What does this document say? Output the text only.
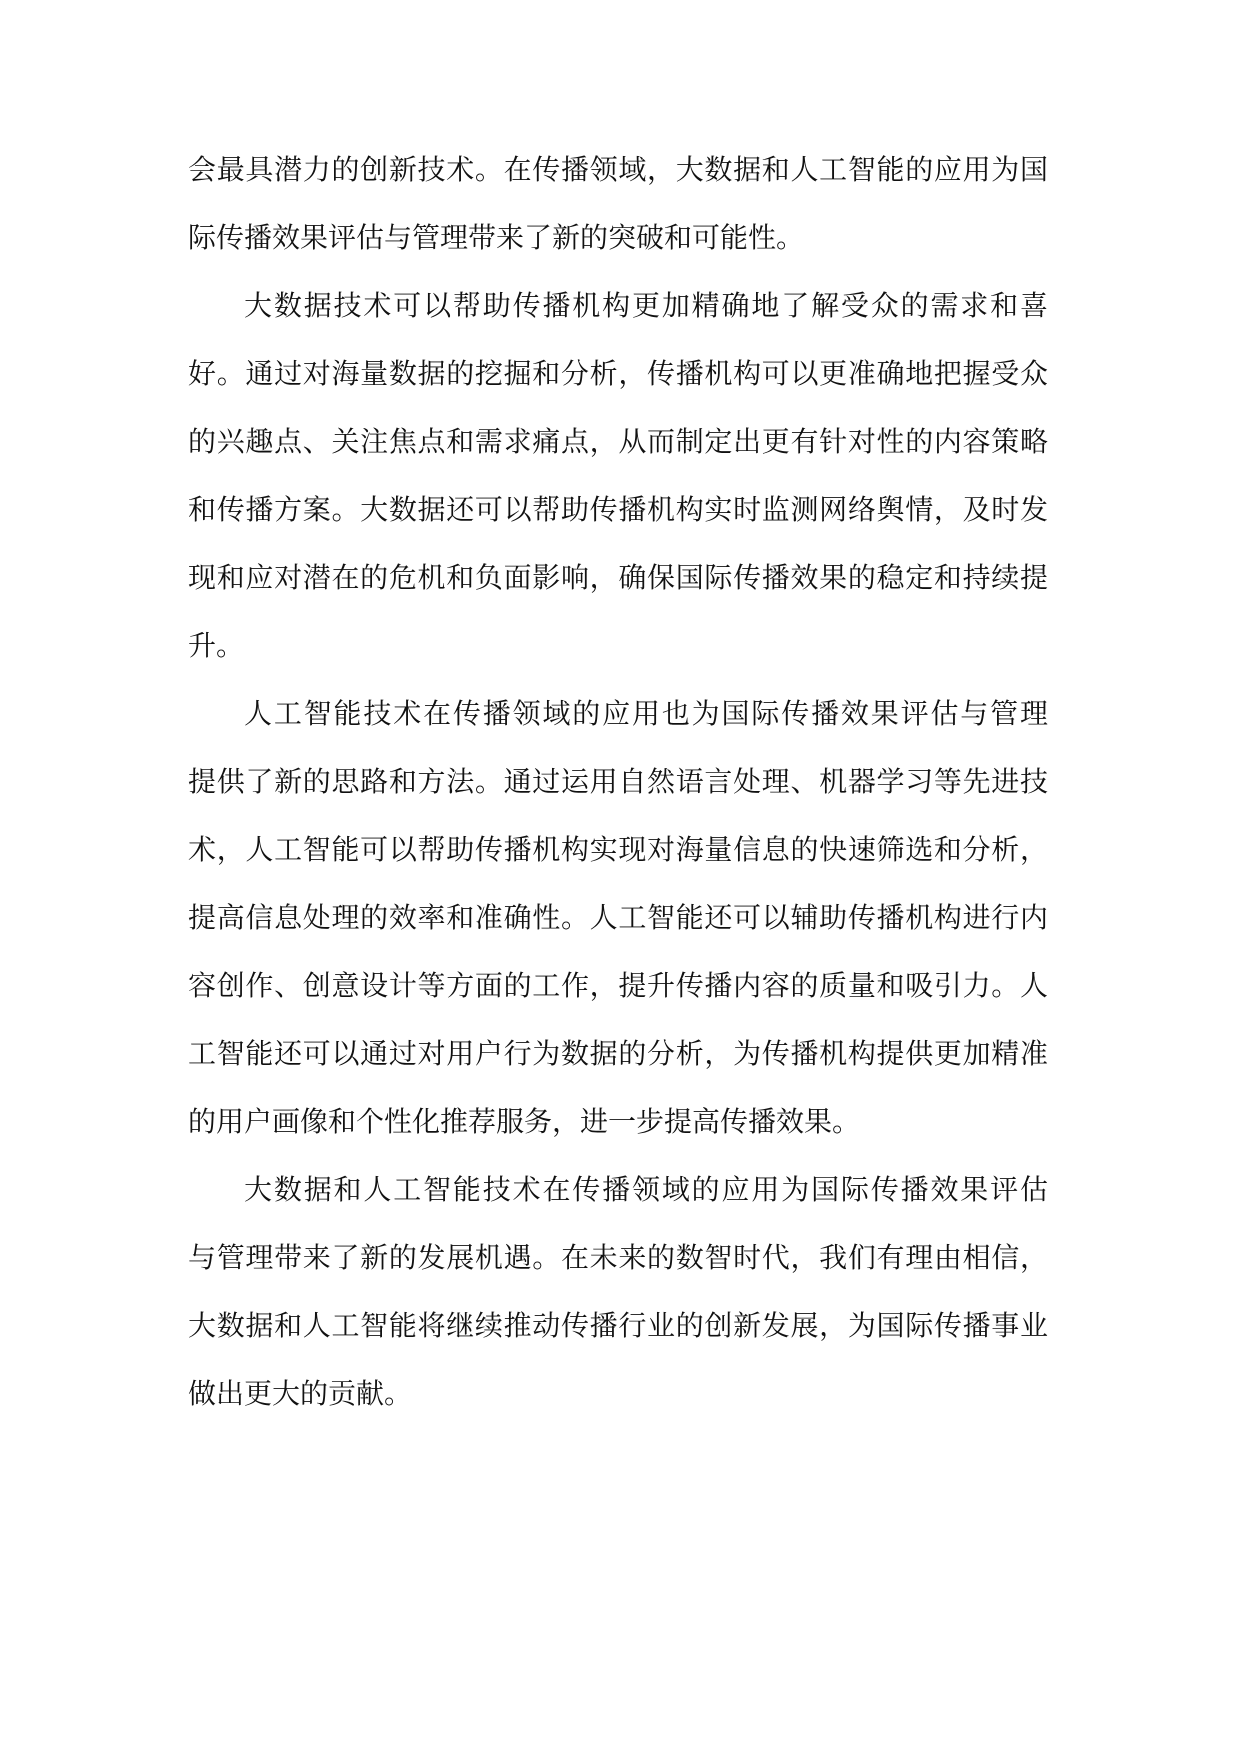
会最具潜力的创新技术。在传播领域，大数据和人工智能的应用为国
际传播效果评估与管理带来了新的突破和可能性。
大数据技术可以帮助传播机构更加精确地了解受众的需求和喜
好。通过对海量数据的挖掘和分析，传播机构可以更准确地把握受众
的兴趣点、关注焦点和需求痛点，从而制定出更有针对性的内容策略
和传播方案。大数据还可以帮助传播机构实时监测网络舆情，及时发
现和应对潜在的危机和负面影响，确保国际传播效果的稳定和持续提
升。
人工智能技术在传播领域的应用也为国际传播效果评估与管理
提供了新的思路和方法。通过运用自然语言处理、机器学习等先进技
术，人工智能可以帮助传播机构实现对海量信息的快速筛选和分析，
提高信息处理的效率和准确性。人工智能还可以辅助传播机构进行内
容创作、创意设计等方面的工作，提升传播内容的质量和吸引力。人
工智能还可以通过对用户行为数据的分析，为传播机构提供更加精准
的用户画像和个性化推荐服务，进一步提高传播效果。
大数据和人工智能技术在传播领域的应用为国际传播效果评估
与管理带来了新的发展机遇。在未来的数智时代，我们有理由相信，
大数据和人工智能将继续推动传播行业的创新发展，为国际传播事业
做出更大的贡献。
